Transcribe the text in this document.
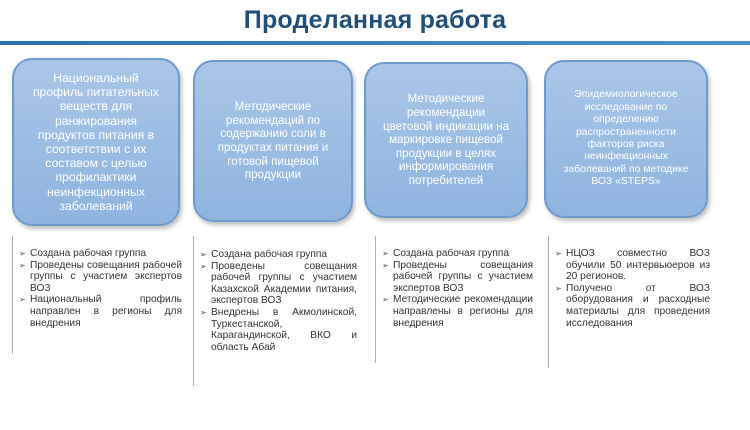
Проделанная работа
Национальный
профиль питательных
веществ для
ранжирования
продуктов питания в
соответствии с их
составом с целью
профилактики
неинфекционных
заболеваний
Методические
рекомендаций по
содержанию соли в
продуктах питания и
готовой пищевой
продукции
Методические
рекомендации
цветовой индикации на
маркировке пищевой
продукции в целях
информирования
потребителей
Эпидемиологическое
исследование по
определению
распространенности
факторов риска
неинфекционных
заболеваний по методике
ВОЗ «STEPS»
➢ Создана рабочая группа
➢ Проведены совещания рабочей группы с участием экспертов ВОЗ
➢ Национальный профиль направлен в регионы для внедрения
➢ Создана рабочая группа
➢ Проведены совещания рабочей группы с участием Казахской Академии питания, экспертов ВОЗ
➢ Внедрены в Акмолинской, Туркестанской, Карагандинской, ВКО и область Абай
➢ Создана рабочая группа
➢ Проведены совещания рабочей группы с участием экспертов ВОЗ
➢ Методические рекомендации направлены в регионы для внедрения
➢ НЦОЗ совместно ВОЗ обучили 50 интервьюеров из 20 регионов.
➢ Получено от ВОЗ оборудования и расходные материалы для проведения исследования
